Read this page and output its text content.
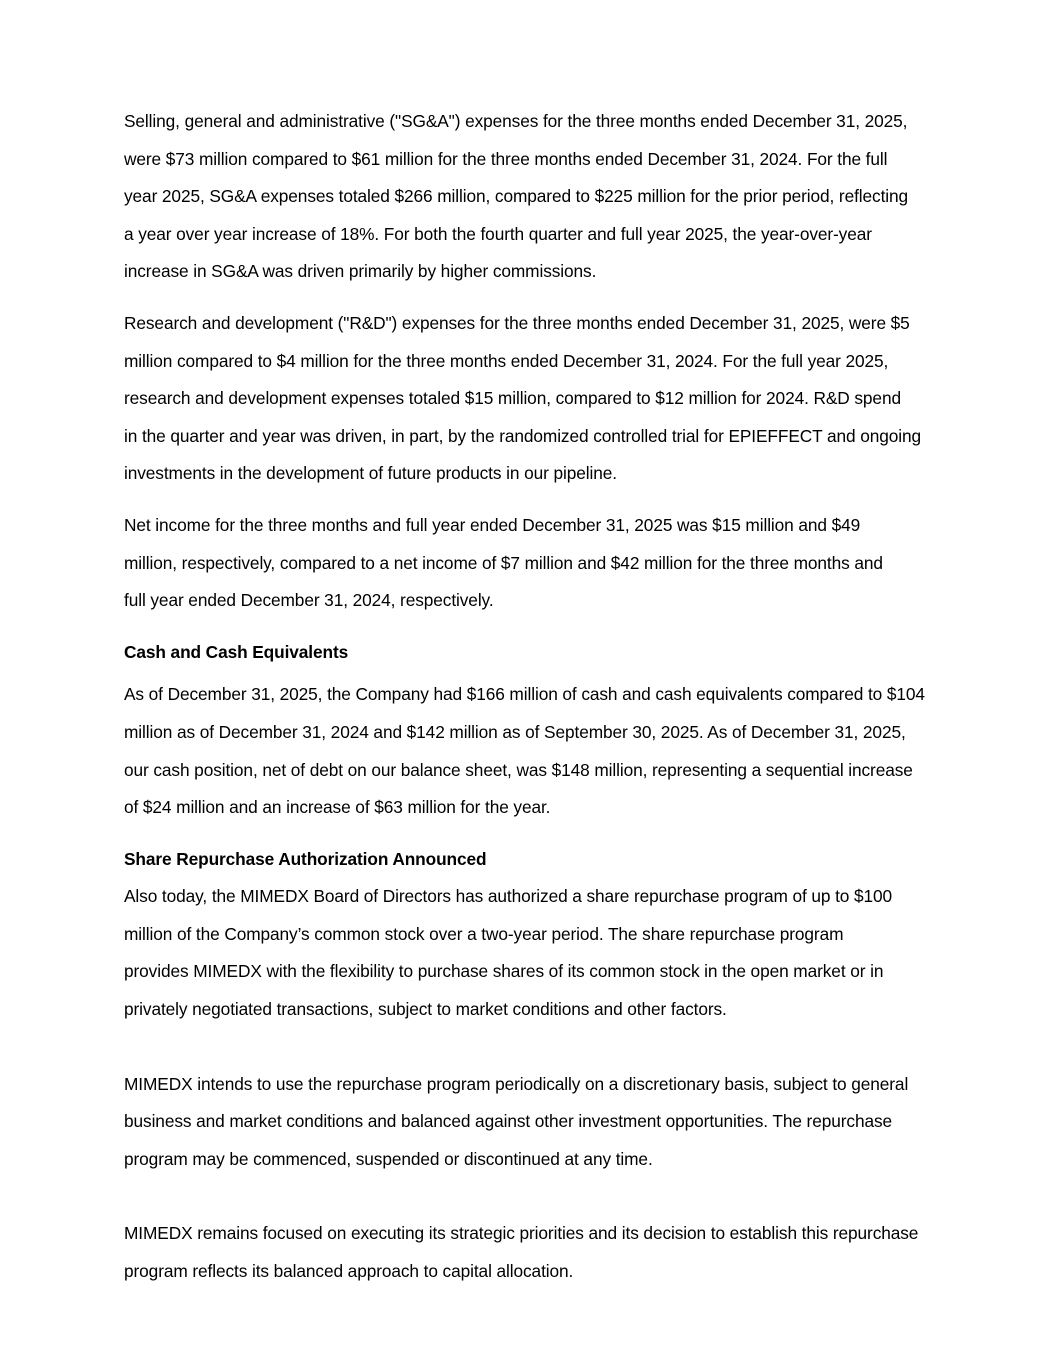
Selling, general and administrative ("SG&A") expenses for the three months ended December 31, 2025,
were $73 million compared to $61 million for the three months ended December 31, 2024. For the full
year 2025, SG&A expenses totaled $266 million, compared to $225 million for the prior period, reflecting
a year over year increase of 18%. For both the fourth quarter and full year 2025, the year-over-year
increase in SG&A was driven primarily by higher commissions.

Research and development ("R&D") expenses for the three months ended December 31, 2025, were $5
million compared to $4 million for the three months ended December 31, 2024. For the full year 2025,
research and development expenses totaled $15 million, compared to $12 million for 2024. R&D spend
in the quarter and year was driven, in part, by the randomized controlled trial for EPIEFFECT and ongoing
investments in the development of future products in our pipeline.

Net income for the three months and full year ended December 31, 2025 was $15 million and $49
million, respectively, compared to a net income of $7 million and $42 million for the three months and
full year ended December 31, 2024, respectively.

Cash and Cash Equivalents

As of December 31, 2025, the Company had $166 million of cash and cash equivalents compared to $104
million as of December 31, 2024 and $142 million as of September 30, 2025. As of December 31, 2025,
our cash position, net of debt on our balance sheet, was $148 million, representing a sequential increase
of $24 million and an increase of $63 million for the year.

Share Repurchase Authorization Announced

Also today, the MIMEDX Board of Directors has authorized a share repurchase program of up to $100
million of the Company’s common stock over a two-year period. The share repurchase program
provides MIMEDX with the flexibility to purchase shares of its common stock in the open market or in
privately negotiated transactions, subject to market conditions and other factors.

MIMEDX intends to use the repurchase program periodically on a discretionary basis, subject to general
business and market conditions and balanced against other investment opportunities. The repurchase
program may be commenced, suspended or discontinued at any time.

MIMEDX remains focused on executing its strategic priorities and its decision to establish this repurchase
program reflects its balanced approach to capital allocation.
